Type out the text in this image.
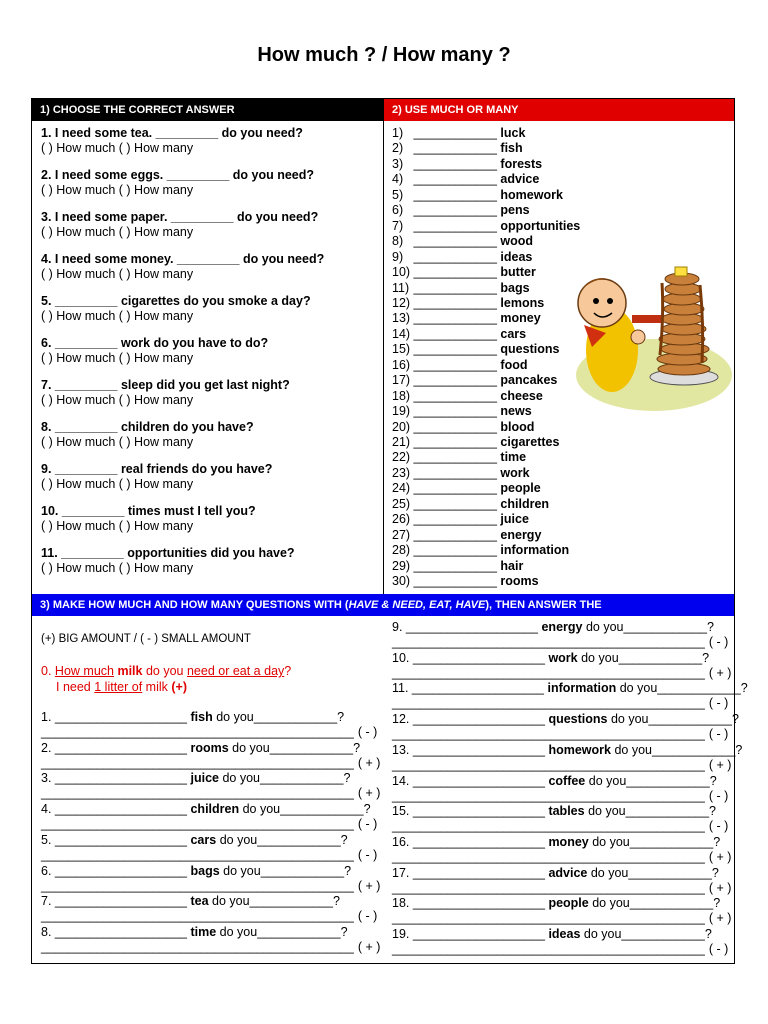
How much ? / How many ?
1) CHOOSE THE CORRECT ANSWER	2) USE MUCH OR MANY
3) MAKE HOW MUCH AND HOW MANY QUESTIONS WITH (HAVE & NEED, EAT, HAVE), THEN ANSWER THE
1. I need some tea. _________ do you need?
( ) How much ( ) How many
2. I need some eggs. _________ do you need?
( ) How much ( ) How many
3. I need some paper. _________ do you need?
( ) How much ( ) How many
4. I need some money. _________ do you need?
( ) How much ( ) How many
5. _________ cigarettes do you smoke a day?
( ) How much ( ) How many
6. _________ work do you have to do?
( ) How much ( ) How many
7. _________ sleep did you get last night?
( ) How much ( ) How many
8. _________ children do you have?
( ) How much ( ) How many
9. _________ real friends do you have?
( ) How much ( ) How many
10. _________ times must I tell you?
( ) How much ( ) How many
11. _________ opportunities did you have?
( ) How much ( ) How many
1) ____________ luck
2) ____________ fish
3) ____________ forests
4) ____________ advice
5) ____________ homework
6) ____________ pens
7) ____________ opportunities
8) ____________ wood
9) ____________ ideas
10) ____________ butter
11) ____________ bags
12) ____________ lemons
13) ____________ money
14) ____________ cars
15) ____________ questions
16) ____________ food
17) ____________ pancakes
18) ____________ cheese
19) ____________ news
20) ____________ blood
21) ____________ cigarettes
22) ____________ time
23) ____________ work
24) ____________ people
25) ____________ children
26) ____________ juice
27) ____________ energy
28) ____________ information
29) ____________ hair
30) ____________ rooms
(+) BIG AMOUNT / ( - ) SMALL AMOUNT
0. How much milk do you need or eat a day?
I need 1 litter of milk (+)
1. ___________________ fish do you____________?
_____________________________________________ ( - )
2. ___________________ rooms do you____________?
_____________________________________________ ( + )
3. ___________________ juice do you____________?
_____________________________________________ ( + )
4. ___________________ children do you____________?
_____________________________________________ ( - )
5. ___________________ cars do you____________?
_____________________________________________ ( - )
6. ___________________ bags do you____________?
_____________________________________________ ( + )
7. ___________________ tea do you____________?
_____________________________________________ ( - )
8. ___________________ time do you____________?
_____________________________________________ ( + )
9. ___________________ energy do you____________?
_____________________________________________ ( - )
10. ___________________ work do you____________?
_____________________________________________ ( + )
11. ___________________ information do you____________?
_____________________________________________ ( - )
12. ___________________ questions do you____________?
_____________________________________________ ( - )
13. ___________________ homework do you____________?
_____________________________________________ ( + )
14. ___________________ coffee do you____________?
_____________________________________________ ( - )
15. ___________________ tables do you____________?
_____________________________________________ ( - )
16. ___________________ money do you____________?
_____________________________________________ ( + )
17. ___________________ advice do you____________?
_____________________________________________ ( + )
18. ___________________ people do you____________?
_____________________________________________ ( + )
19. ___________________ ideas do you____________?
_____________________________________________ ( - )
